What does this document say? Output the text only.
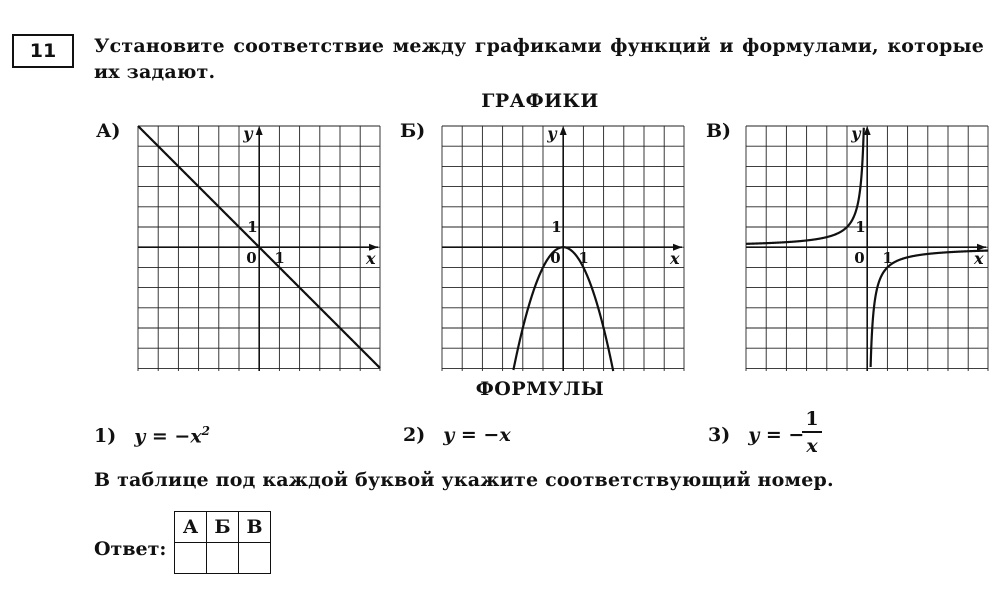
11	Установите соответствие между графиками функций и формулами, которые их задают.
ГРАФИКИ
А)
x
y
0 1
1
Б)
x
y
0 1
1
В)
x
y
0 1
1
ФОРМУЛЫ
1) $y = -x^2$	2) y = −x	3) y = −
$\frac{1}{x}$
В таблице под каждой буквой укажите соответствующий номер.
Ответ:
А	Б	В
